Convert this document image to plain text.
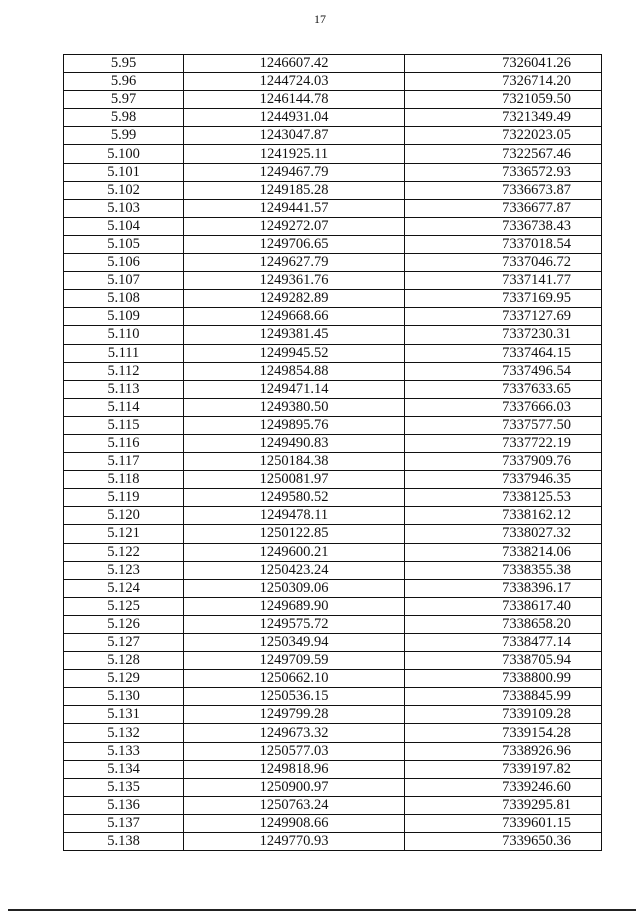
17
5.95	1246607.42	7326041.26
5.96	1244724.03	7326714.20
5.97	1246144.78	7321059.50
5.98	1244931.04	7321349.49
5.99	1243047.87	7322023.05
5.100	1241925.11	7322567.46
5.101	1249467.79	7336572.93
5.102	1249185.28	7336673.87
5.103	1249441.57	7336677.87
5.104	1249272.07	7336738.43
5.105	1249706.65	7337018.54
5.106	1249627.79	7337046.72
5.107	1249361.76	7337141.77
5.108	1249282.89	7337169.95
5.109	1249668.66	7337127.69
5.110	1249381.45	7337230.31
5.111	1249945.52	7337464.15
5.112	1249854.88	7337496.54
5.113	1249471.14	7337633.65
5.114	1249380.50	7337666.03
5.115	1249895.76	7337577.50
5.116	1249490.83	7337722.19
5.117	1250184.38	7337909.76
5.118	1250081.97	7337946.35
5.119	1249580.52	7338125.53
5.120	1249478.11	7338162.12
5.121	1250122.85	7338027.32
5.122	1249600.21	7338214.06
5.123	1250423.24	7338355.38
5.124	1250309.06	7338396.17
5.125	1249689.90	7338617.40
5.126	1249575.72	7338658.20
5.127	1250349.94	7338477.14
5.128	1249709.59	7338705.94
5.129	1250662.10	7338800.99
5.130	1250536.15	7338845.99
5.131	1249799.28	7339109.28
5.132	1249673.32	7339154.28
5.133	1250577.03	7338926.96
5.134	1249818.96	7339197.82
5.135	1250900.97	7339246.60
5.136	1250763.24	7339295.81
5.137	1249908.66	7339601.15
5.138	1249770.93	7339650.36
